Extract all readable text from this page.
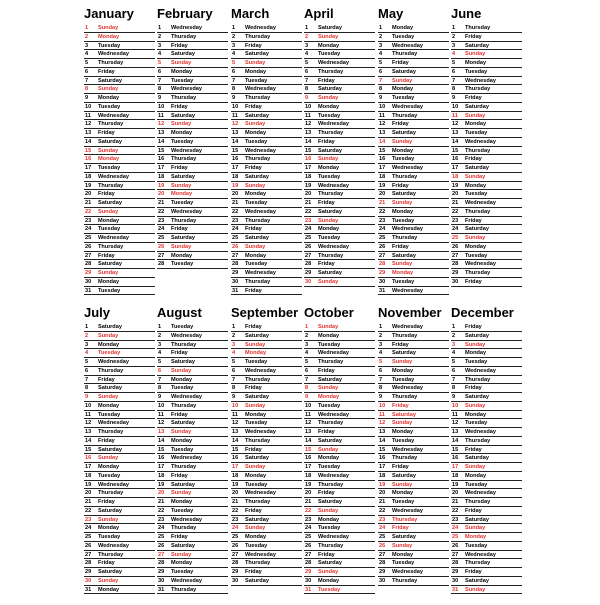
January
1 Sunday
2 Monday
3 Tuesday
4 Wednesday
5 Thursday
6 Friday
7 Saturday
8 Sunday
9 Monday
10 Tuesday
11 Wednesday
12 Thursday
13 Friday
14 Saturday
15 Sunday
16 Monday
17 Tuesday
18 Wednesday
19 Thursday
20 Friday
21 Saturday
22 Sunday
23 Monday
24 Tuesday
25 Wednesday
26 Thursday
27 Friday
28 Saturday
29 Sunday
30 Monday
31 Tuesday
February
1 Wednesday
2 Thursday
3 Friday
4 Saturday
5 Sunday
6 Monday
7 Tuesday
8 Wednesday
9 Thursday
10 Friday
11 Saturday
12 Sunday
13 Monday
14 Tuesday
15 Wednesday
16 Thursday
17 Friday
18 Saturday
19 Sunday
20 Monday
21 Tuesday
22 Wednesday
23 Thursday
24 Friday
25 Saturday
26 Sunday
27 Monday
28 Tuesday
March
1 Wednesday
2 Thursday
3 Friday
4 Saturday
5 Sunday
6 Monday
7 Tuesday
8 Wednesday
9 Thursday
10 Friday
11 Saturday
12 Sunday
13 Monday
14 Tuesday
15 Wednesday
16 Thursday
17 Friday
18 Saturday
19 Sunday
20 Monday
21 Tuesday
22 Wednesday
23 Thursday
24 Friday
25 Saturday
26 Sunday
27 Monday
28 Tuesday
29 Wednesday
30 Thursday
31 Friday
April
1 Saturday
2 Sunday
3 Monday
4 Tuesday
5 Wednesday
6 Thursday
7 Friday
8 Saturday
9 Sunday
10 Monday
11 Tuesday
12 Wednesday
13 Thursday
14 Friday
15 Saturday
16 Sunday
17 Monday
18 Tuesday
19 Wednesday
20 Thursday
21 Friday
22 Saturday
23 Sunday
24 Monday
25 Tuesday
26 Wednesday
27 Thursday
28 Friday
29 Saturday
30 Sunday
May
1 Monday
2 Tuesday
3 Wednesday
4 Thursday
5 Friday
6 Saturday
7 Sunday
8 Monday
9 Tuesday
10 Wednesday
11 Thursday
12 Friday
13 Saturday
14 Sunday
15 Monday
16 Tuesday
17 Wednesday
18 Thursday
19 Friday
20 Saturday
21 Sunday
22 Monday
23 Tuesday
24 Wednesday
25 Thursday
26 Friday
27 Saturday
28 Sunday
29 Monday
30 Tuesday
31 Wednesday
June
1 Thursday
2 Friday
3 Saturday
4 Sunday
5 Monday
6 Tuesday
7 Wednesday
8 Thursday
9 Friday
10 Saturday
11 Sunday
12 Monday
13 Tuesday
14 Wednesday
15 Thursday
16 Friday
17 Saturday
18 Sunday
19 Monday
20 Tuesday
21 Wednesday
22 Thursday
23 Friday
24 Saturday
25 Sunday
26 Monday
27 Tuesday
28 Wednesday
29 Thursday
30 Friday
July
1 Saturday
2 Sunday
3 Monday
4 Tuesday
5 Wednesday
6 Thursday
7 Friday
8 Saturday
9 Sunday
10 Monday
11 Tuesday
12 Wednesday
13 Thursday
14 Friday
15 Saturday
16 Sunday
17 Monday
18 Tuesday
19 Wednesday
20 Thursday
21 Friday
22 Saturday
23 Sunday
24 Monday
25 Tuesday
26 Wednesday
27 Thursday
28 Friday
29 Saturday
30 Sunday
31 Monday
August
1 Tuesday
2 Wednesday
3 Thursday
4 Friday
5 Saturday
6 Sunday
7 Monday
8 Tuesday
9 Wednesday
10 Thursday
11 Friday
12 Saturday
13 Sunday
14 Monday
15 Tuesday
16 Wednesday
17 Thursday
18 Friday
19 Saturday
20 Sunday
21 Monday
22 Tuesday
23 Wednesday
24 Thursday
25 Friday
26 Saturday
27 Sunday
28 Monday
29 Tuesday
30 Wednesday
31 Thursday
September
1 Friday
2 Saturday
3 Sunday
4 Monday
5 Tuesday
6 Wednesday
7 Thursday
8 Friday
9 Saturday
10 Sunday
11 Monday
12 Tuesday
13 Wednesday
14 Thursday
15 Friday
16 Saturday
17 Sunday
18 Monday
19 Tuesday
20 Wednesday
21 Thursday
22 Friday
23 Saturday
24 Sunday
25 Monday
26 Tuesday
27 Wednesday
28 Thursday
29 Friday
30 Saturday
October
1 Sunday
2 Monday
3 Tuesday
4 Wednesday
5 Thursday
6 Friday
7 Saturday
8 Sunday
9 Monday
10 Tuesday
11 Wednesday
12 Thursday
13 Friday
14 Saturday
15 Sunday
16 Monday
17 Tuesday
18 Wednesday
19 Thursday
20 Friday
21 Saturday
22 Sunday
23 Monday
24 Tuesday
25 Wednesday
26 Thursday
27 Friday
28 Saturday
29 Sunday
30 Monday
31 Tuesday
November
1 Wednesday
2 Thursday
3 Friday
4 Saturday
5 Sunday
6 Monday
7 Tuesday
8 Wednesday
9 Thursday
10 Friday
11 Saturday
12 Sunday
13 Monday
14 Tuesday
15 Wednesday
16 Thursday
17 Friday
18 Saturday
19 Sunday
20 Monday
21 Tuesday
22 Wednesday
23 Thursday
24 Friday
25 Saturday
26 Sunday
27 Monday
28 Tuesday
29 Wednesday
30 Thursday
December
1 Friday
2 Saturday
3 Sunday
4 Monday
5 Tuesday
6 Wednesday
7 Thursday
8 Friday
9 Saturday
10 Sunday
11 Monday
12 Tuesday
13 Wednesday
14 Thursday
15 Friday
16 Saturday
17 Sunday
18 Monday
19 Tuesday
20 Wednesday
21 Thursday
22 Friday
23 Saturday
24 Sunday
25 Monday
26 Tuesday
27 Wednesday
28 Thursday
29 Friday
30 Saturday
31 Sunday
